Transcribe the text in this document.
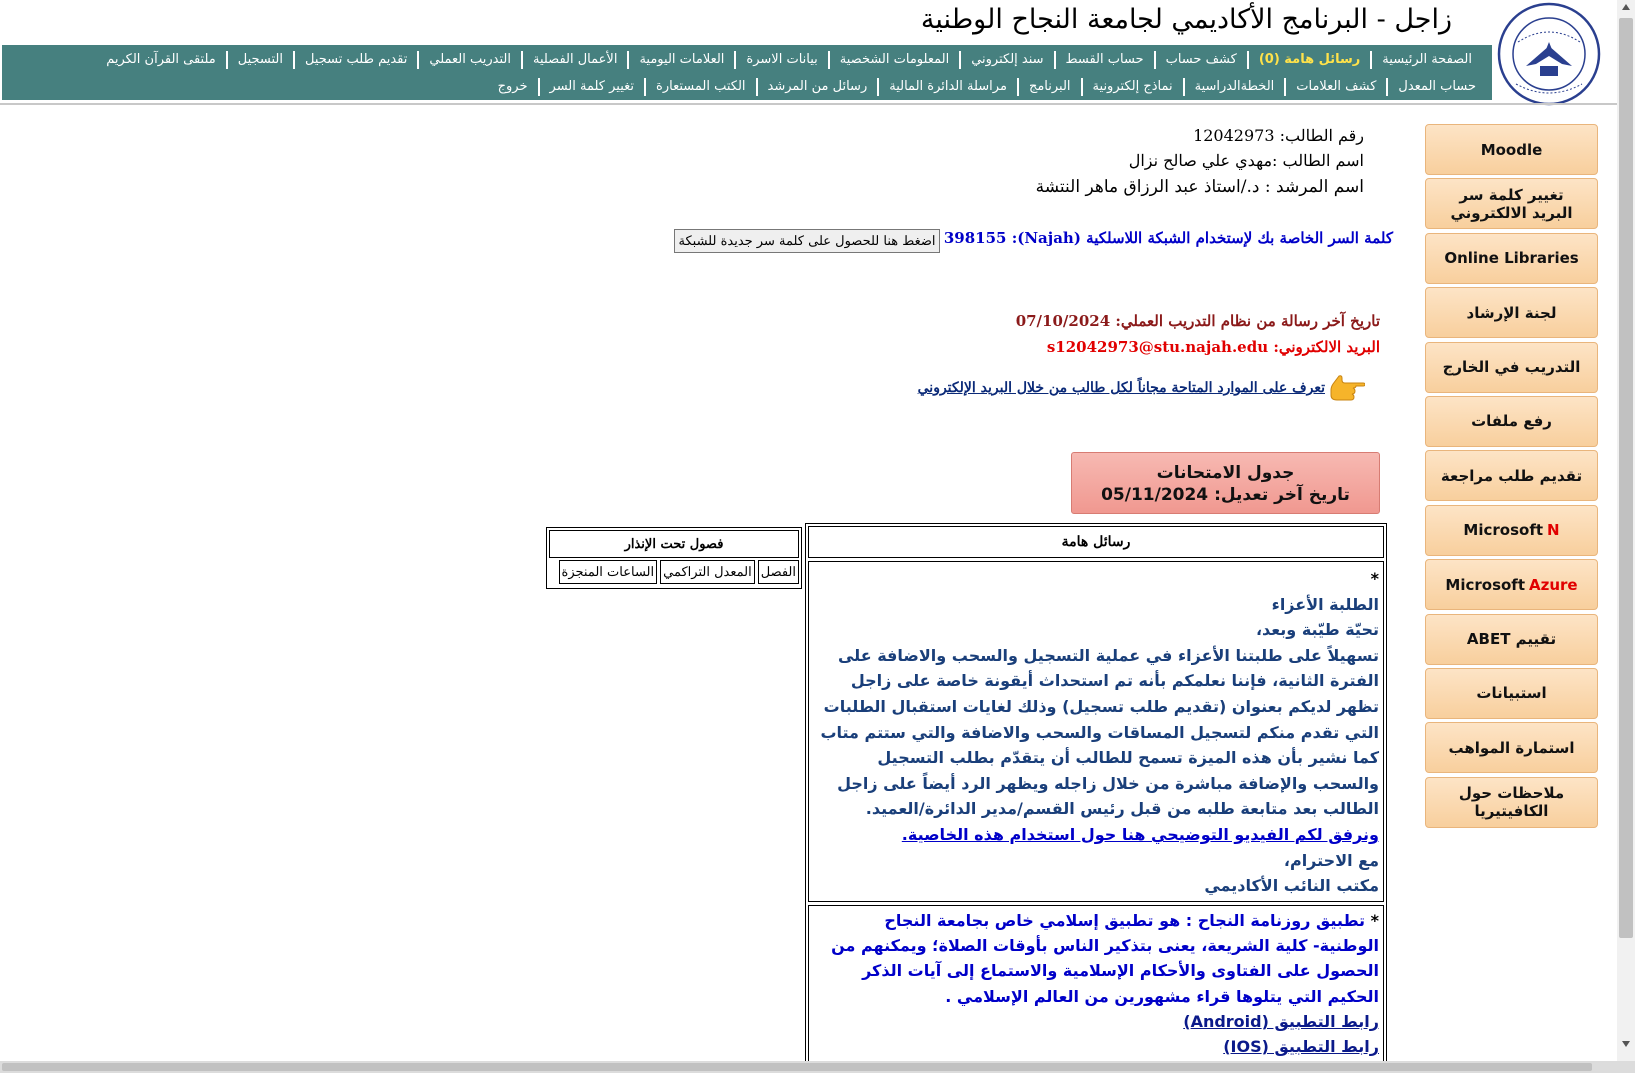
زاجل - البرنامج الأكاديمي لجامعة النجاح الوطنية
الصفحة الرئيسية
رسائل هامة (0)
كشف حساب
حساب القسط
سند إلكتروني
المعلومات الشخصية
بيانات الاسرة
العلامات اليومية
الأعمال الفصلية
التدريب العملي
تقديم طلب تسجيل
التسجيل
ملتقى القرآن الكريم
حساب المعدل
كشف العلامات
الخطةالدراسية
نماذج إلكترونية
البرنامج
مراسلة الدائرة المالية
رسائل من المرشد
الكتب المستعارة
تغيير كلمة السر
خروج
Moodle
تغيير كلمة سر البريد الالكتروني
Online Libraries
لجنة الإرشاد
التدريب في الخارج
رفع ملفات
تقديم طلب مراجعة
Microsoft N
Microsoft Azure
تقييم ABET
استبيانات
استمارة المواهب
ملاحظات حول الكافيتيريا
رقم الطالب: 12042973
اسم الطالب :مهدي علي صالح نزال
اسم المرشد : د./استاذ عبد الرزاق ماهر النتشة
كلمة السر الخاصة بك لإستخدام الشبكة اللاسلكية (Najah): 398155
اضغط هنا للحصول على كلمة سر جديدة للشبكة
تاريخ آخر رسالة من نظام التدريب العملي: 07/10/2024
البريد الالكتروني: s12042973@stu.najah.edu
تعرف على الموارد المتاحة مجاناً لكل طالب من خلال البريد الإلكتروني
جدول الامتحانات
تاريخ آخر تعديل: 05/11/2024
رسائل هامة

*

الطلبة الأعزاء

تحيّة طيّبة وبعد،

تسهيلاً على طلبتنا الأعزاء في عملية التسجيل والسحب والاضافة على الفترة الثانية، فإننا نعلمكم بأنه تم استحداث أيقونة خاصة على زاجل تظهر لديكم بعنوان (تقديم طلب تسجيل) وذلك لغايات استقبال الطلبات التي تقدم منكم لتسجيل المساقات والسحب والاضافة والتي ستتم متاب

كما نشير بأن هذه الميزة تسمح للطالب أن يتقدّم بطلب التسجيل والسحب والإضافة مباشرة من خلال زاجله ويظهر الرد أيضاً على زاجل الطالب بعد متابعة طلبه من قبل رئيس القسم/مدير الدائرة/العميد.

ونرفق لكم الفيديو التوضيحي هنا حول استخدام هذه الخاصية.

مع الاحترام،

مكتب النائب الأكاديمي

* تطبيق روزنامة النجاح : هو تطبيق إسلامي خاص بجامعة النجاح الوطنية- كلية الشريعة، يعنى بتذكير الناس بأوقات الصلاة؛ ويمكنهم من الحصول على الفتاوى والأحكام الإسلامية والاستماع إلى آيات الذكر الحكيم التي يتلوها قراء مشهورين من العالم الإسلامي .

رابط التطبيق (Android)

رابط التطبيق (IOS)

فصول تحت الإنذار
الفصل
المعدل التراكمي
الساعات المنجزة
